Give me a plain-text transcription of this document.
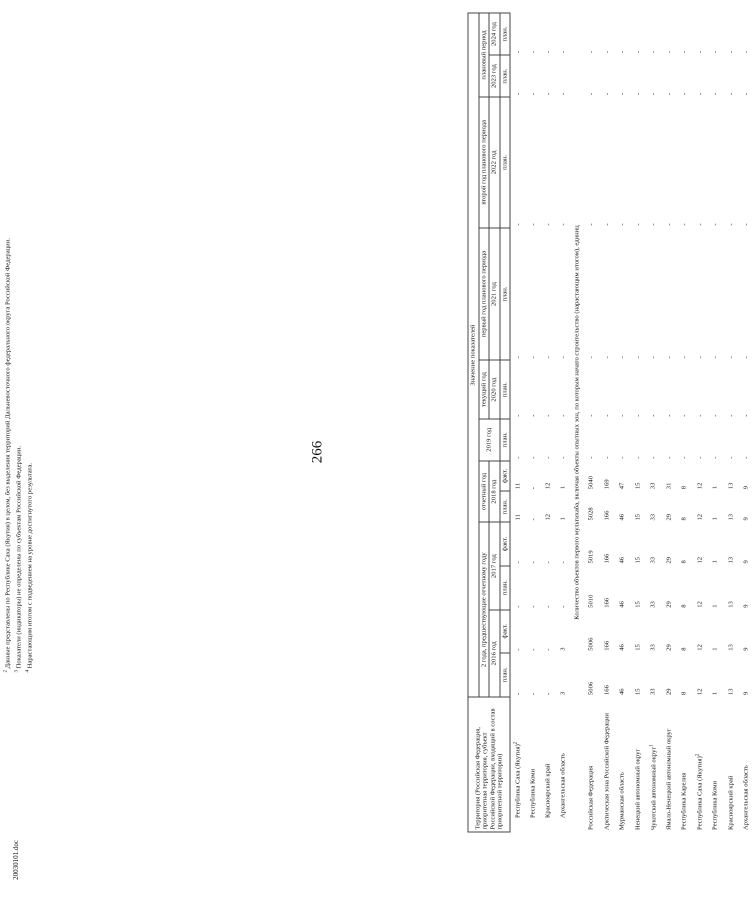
266
20030101.doc
Территория (Российская Федерация, приоритетная территория, субъект Российской Федерации, входящий в состав приоритетной территории)	Значение показателей											
	2 года, предшествующие отчетному году				отчетный год		2019 год	текущий год	первый год планового периода	второй год планового периода	плановый период	
	2016 год		2017 год		2018 год			2020 год	2021 год	2022 год	2023 год	2024 год
	план.	факт.	план.	факт.	план.	факт.	план.	план.	план.	план.	план.	план.
Республика Саха (Якутия)$^2$	-	-	-	-	11	11	-	-	-	-	-	-
Республика Коми	-	-	-	-	-	-	-	-	-	-	-	-
Красноярский край	-	-	-	-	12	12	-	-	-	-	-	-
Архангельская область	3	3	-	-	1	1	-	-	-	-	-	-
Количество объектов первого мультихаба, включая объекты опытных зон, по которым начато строительство (нарастающим итогом), единиц												
Российская Федерация	5006	5006	5010	5019	5028	5040	-	-	-	-	-	-
Арктическая зона Российской Федерации	166	166	166	166	166	169	-	-	-	-	-	-
Мурманская область	46	46	46	46	46	47	-	-	-	-	-	-
Ненецкий автономный округ	15	15	15	15	15	15	-	-	-	-	-	-
Чукотский автономный округ$^1$	33	33	33	33	33	33	-	-	-	-	-	-
Ямало-Ненецкий автономный округ	29	29	29	29	29	31	-	-	-	-	-	-
Республика Карелия	8	8	8	8	8	8	-	-	-	-	-	-
Республика Саха (Якутия)$^2$	12	12	12	12	12	12	-	-	-	-	-	-
Республика Коми	1	1	1	1	1	1	-	-	-	-	-	-
Красноярский край	13	13	13	13	13	13	-	-	-	-	-	-
Архангельская область	9	9	9	9	9	9	-	-	-	-	-	-
$^2$ Данные представлены по Республике Саха (Якутия) в целом, без выделения территорий Дальневосточного федерального округа Российской Федерации.
$^3$ Показатели (индикаторы) не определены по субъектам Российской Федерации.
$^4$ Нарастающим итогом с подведением на уровне достигнутого результата.
